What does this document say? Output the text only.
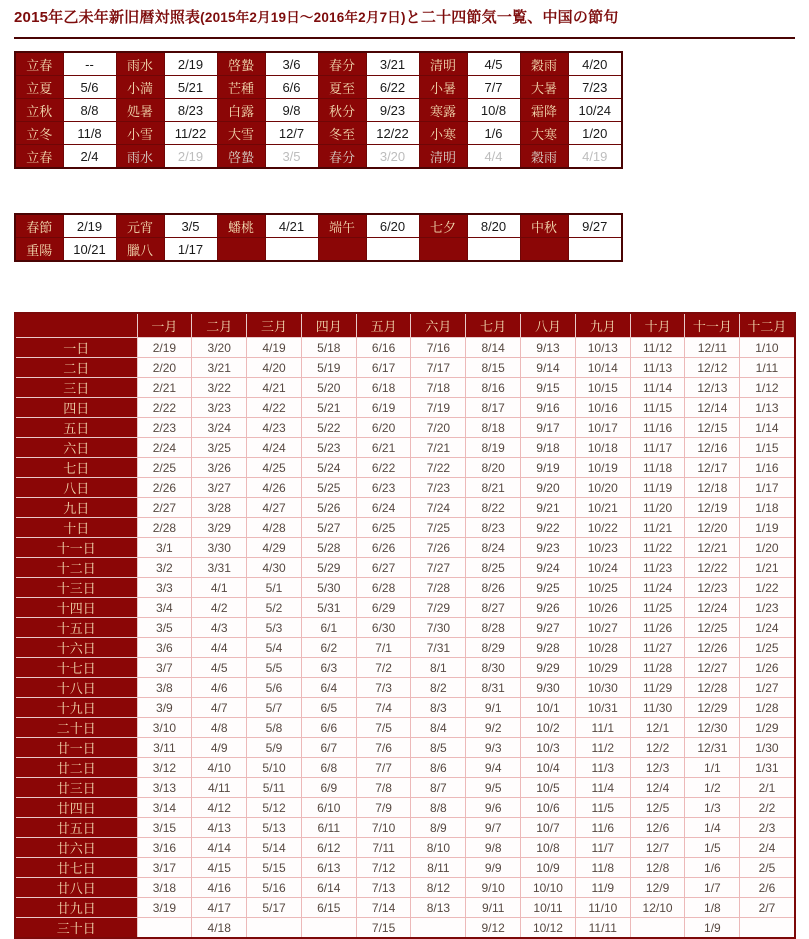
2015年乙未年新旧暦対照表(2015年2月19日～2016年2月7日)と二十四節気一覧、中国の節句
立春	--	雨水	2/19	啓蟄	3/6	春分	3/21	清明	4/5	穀雨	4/20
立夏	5/6	小満	5/21	芒種	6/6	夏至	6/22	小暑	7/7	大暑	7/23
立秋	8/8	処暑	8/23	白露	9/8	秋分	9/23	寒露	10/8	霜降	10/24
立冬	11/8	小雪	11/22	大雪	12/7	冬至	12/22	小寒	1/6	大寒	1/20
立春	2/4	雨水	2/19	啓蟄	3/5	春分	3/20	清明	4/4	穀雨	4/19
春節	2/19	元宵	3/5	蟠桃	4/21	端午	6/20	七夕	8/20	中秋	9/27
重陽	10/21	臘八	1/17								
	一月	二月	三月	四月	五月	六月	七月	八月	九月	十月	十一月	十二月
一日	2/19	3/20	4/19	5/18	6/16	7/16	8/14	9/13	10/13	11/12	12/11	1/10
二日	2/20	3/21	4/20	5/19	6/17	7/17	8/15	9/14	10/14	11/13	12/12	1/11
三日	2/21	3/22	4/21	5/20	6/18	7/18	8/16	9/15	10/15	11/14	12/13	1/12
四日	2/22	3/23	4/22	5/21	6/19	7/19	8/17	9/16	10/16	11/15	12/14	1/13
五日	2/23	3/24	4/23	5/22	6/20	7/20	8/18	9/17	10/17	11/16	12/15	1/14
六日	2/24	3/25	4/24	5/23	6/21	7/21	8/19	9/18	10/18	11/17	12/16	1/15
七日	2/25	3/26	4/25	5/24	6/22	7/22	8/20	9/19	10/19	11/18	12/17	1/16
八日	2/26	3/27	4/26	5/25	6/23	7/23	8/21	9/20	10/20	11/19	12/18	1/17
九日	2/27	3/28	4/27	5/26	6/24	7/24	8/22	9/21	10/21	11/20	12/19	1/18
十日	2/28	3/29	4/28	5/27	6/25	7/25	8/23	9/22	10/22	11/21	12/20	1/19
十一日	3/1	3/30	4/29	5/28	6/26	7/26	8/24	9/23	10/23	11/22	12/21	1/20
十二日	3/2	3/31	4/30	5/29	6/27	7/27	8/25	9/24	10/24	11/23	12/22	1/21
十三日	3/3	4/1	5/1	5/30	6/28	7/28	8/26	9/25	10/25	11/24	12/23	1/22
十四日	3/4	4/2	5/2	5/31	6/29	7/29	8/27	9/26	10/26	11/25	12/24	1/23
十五日	3/5	4/3	5/3	6/1	6/30	7/30	8/28	9/27	10/27	11/26	12/25	1/24
十六日	3/6	4/4	5/4	6/2	7/1	7/31	8/29	9/28	10/28	11/27	12/26	1/25
十七日	3/7	4/5	5/5	6/3	7/2	8/1	8/30	9/29	10/29	11/28	12/27	1/26
十八日	3/8	4/6	5/6	6/4	7/3	8/2	8/31	9/30	10/30	11/29	12/28	1/27
十九日	3/9	4/7	5/7	6/5	7/4	8/3	9/1	10/1	10/31	11/30	12/29	1/28
二十日	3/10	4/8	5/8	6/6	7/5	8/4	9/2	10/2	11/1	12/1	12/30	1/29
廿一日	3/11	4/9	5/9	6/7	7/6	8/5	9/3	10/3	11/2	12/2	12/31	1/30
廿二日	3/12	4/10	5/10	6/8	7/7	8/6	9/4	10/4	11/3	12/3	1/1	1/31
廿三日	3/13	4/11	5/11	6/9	7/8	8/7	9/5	10/5	11/4	12/4	1/2	2/1
廿四日	3/14	4/12	5/12	6/10	7/9	8/8	9/6	10/6	11/5	12/5	1/3	2/2
廿五日	3/15	4/13	5/13	6/11	7/10	8/9	9/7	10/7	11/6	12/6	1/4	2/3
廿六日	3/16	4/14	5/14	6/12	7/11	8/10	9/8	10/8	11/7	12/7	1/5	2/4
廿七日	3/17	4/15	5/15	6/13	7/12	8/11	9/9	10/9	11/8	12/8	1/6	2/5
廿八日	3/18	4/16	5/16	6/14	7/13	8/12	9/10	10/10	11/9	12/9	1/7	2/6
廿九日	3/19	4/17	5/17	6/15	7/14	8/13	9/11	10/11	11/10	12/10	1/8	2/7
三十日		4/18			7/15		9/12	10/12	11/11		1/9	
